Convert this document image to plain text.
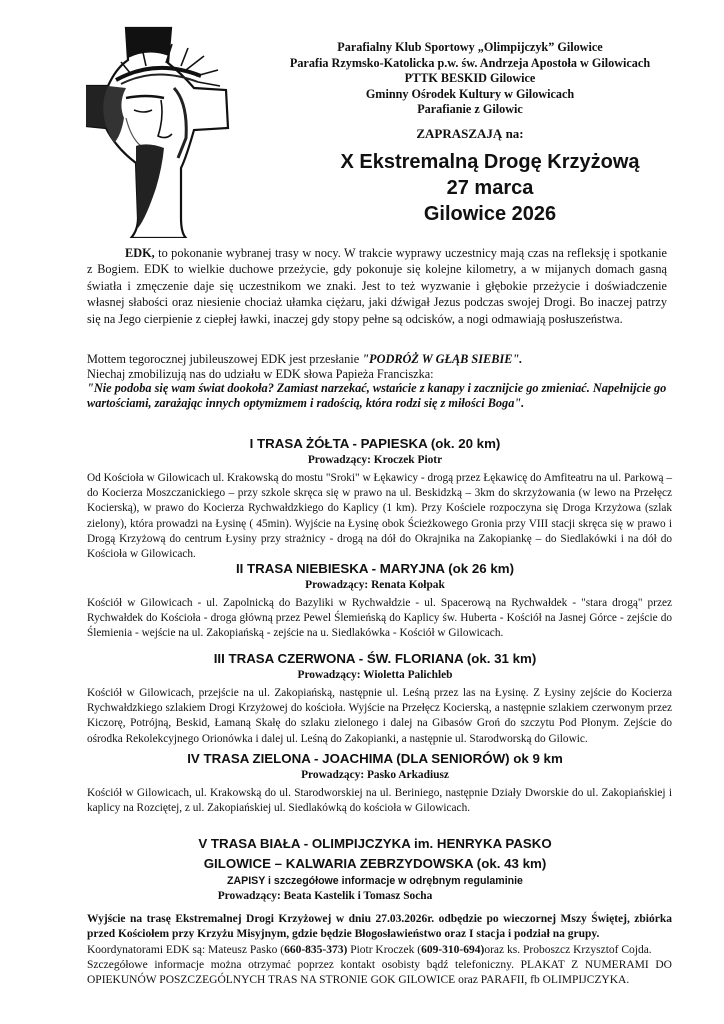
Parafialny Klub Sportowy „Olimpijczyk” Gilowice
Parafia Rzymsko-Katolicka p.w. św. Andrzeja Apostoła w Gilowicach
PTTK BESKID Gilowice
Gminny Ośrodek Kultury w Gilowicach
Parafianie z Gilowic
ZAPRASZAJĄ na:
X Ekstremalną Drogę Krzyżową
27 marca
Gilowice 2026
EDK, to pokonanie wybranej trasy w nocy. W trakcie wyprawy uczestnicy mają czas na refleksję i spotkanie z Bogiem. EDK to wielkie duchowe przeżycie, gdy pokonuje się kolejne kilometry, a w mijanych domach gasną światła i zmęczenie daje się uczestnikom we znaki. Jest to też wyzwanie i głębokie przeżycie i doświadczenie własnej słabości oraz niesienie chociaż ułamka ciężaru, jaki dźwigał Jezus podczas swojej Drogi. Bo inaczej patrzy się na Jego cierpienie z ciepłej ławki, inaczej gdy stopy pełne są odcisków, a nogi odmawiają posłuszeństwa.
Mottem tegorocznej jubileuszowej EDK jest przesłanie "PODRÓŻ W GŁĄB SIEBIE".
Niechaj zmobilizują nas do udziału w EDK słowa Papieża Franciszka:
"Nie podoba się wam świat dookoła? Zamiast narzekać, wstańcie z kanapy i zacznijcie go zmieniać. Napełnijcie go wartościami, zarażając innych optymizmem i radością, która rodzi się z miłości Boga".
I TRASA ŻÓŁTA - PAPIESKA (ok. 20 km)
Prowadzący: Kroczek Piotr
Od Kościoła w Gilowicach ul. Krakowską do mostu "Sroki" w Łękawicy - drogą przez Łękawicę do Amfiteatru na ul. Parkową – do Kocierza Moszczanickiego – przy szkole skręca się w prawo na ul. Beskidzką – 3km do skrzyżowania (w lewo na Przełęcz Kocierską), w prawo do Kocierza Rychwałdzkiego do Kaplicy (1 km). Przy Kościele rozpoczyna się Droga Krzyżowa (szlak zielony), która prowadzi na Łysinę ( 45min). Wyjście na Łysinę obok Ścieżkowego Gronia przy VIII stacji skręca się w prawo i Drogą Krzyżową do centrum Łysiny przy strażnicy - drogą na dół do Okrajnika na Zakopiankę – do Siedlakówki i na dół do Kościoła w Gilowicach.
II TRASA NIEBIESKA - MARYJNA (ok 26 km)
Prowadzący: Renata Kołpak
Kościół w Gilowicach - ul. Zapolnicką do Bazyliki w Rychwałdzie - ul. Spacerową na Rychwałdek - "stara drogą" przez Rychwałdek do Kościoła - droga główną przez Pewel Ślemieńską do Kaplicy św. Huberta - Kościół na Jasnej Górce - zejście do Ślemienia - wejście na ul. Zakopiańską - zejście na u. Siedlakówka - Kościół w Gilowicach.
III TRASA CZERWONA - ŚW. FLORIANA (ok. 31 km)
Prowadzący: Wioletta Palichleb
Kościół w Gilowicach, przejście na ul. Zakopiańską, następnie ul. Leśną przez las na Łysinę. Z Łysiny zejście do Kocierza Rychwałdzkiego szlakiem Drogi Krzyżowej do kościoła. Wyjście na Przełęcz Kocierską, a następnie szlakiem czerwonym przez Kiczorę, Potrójną, Beskid, Łamaną Skałę do szlaku zielonego i dalej na Gibasów Groń do szczytu Pod Płonym. Zejście do ośrodka Rekolekcyjnego Orionówka i dalej ul. Leśną do Zakopianki, a następnie ul. Starodworską do Gilowic.
IV TRASA ZIELONA - JOACHIMA (DLA SENIORÓW) ok 9 km
Prowadzący: Pasko Arkadiusz
Kościół w Gilowicach, ul. Krakowską do ul. Starodworskiej na ul. Beriniego, następnie Działy Dworskie do ul. Zakopiańskiej i kaplicy na Rozciętej, z ul. Zakopiańskiej ul. Siedlakówką do kościoła w Gilowicach.
V TRASA BIAŁA - OLIMPIJCZYKA im. HENRYKA PASKO
GILOWICE – KALWARIA ZEBRZYDOWSKA (ok. 43 km)
ZAPISY i szczegółowe informacje w odrębnym regulaminie
Prowadzący: Beata Kastelik i Tomasz Socha
Wyjście na trasę Ekstremalnej Drogi Krzyżowej w dniu 27.03.2026r. odbędzie po wieczornej Mszy Świętej, zbiórka przed Kościołem przy Krzyżu Misyjnym, gdzie będzie Błogosławieństwo oraz I stacja i podział na grupy.
Koordynatorami EDK są: Mateusz Pasko (660-835-373) Piotr Kroczek (609-310-694)oraz ks. Proboszcz Krzysztof Cojda.
Szczegółowe informacje można otrzymać poprzez kontakt osobisty bądź telefoniczny. PLAKAT Z NUMERAMI DO OPIEKUNÓW POSZCZEGÓLNYCH TRAS NA STRONIE GOK GILOWICE oraz PARAFII, fb OLIMPIJCZYKA.
